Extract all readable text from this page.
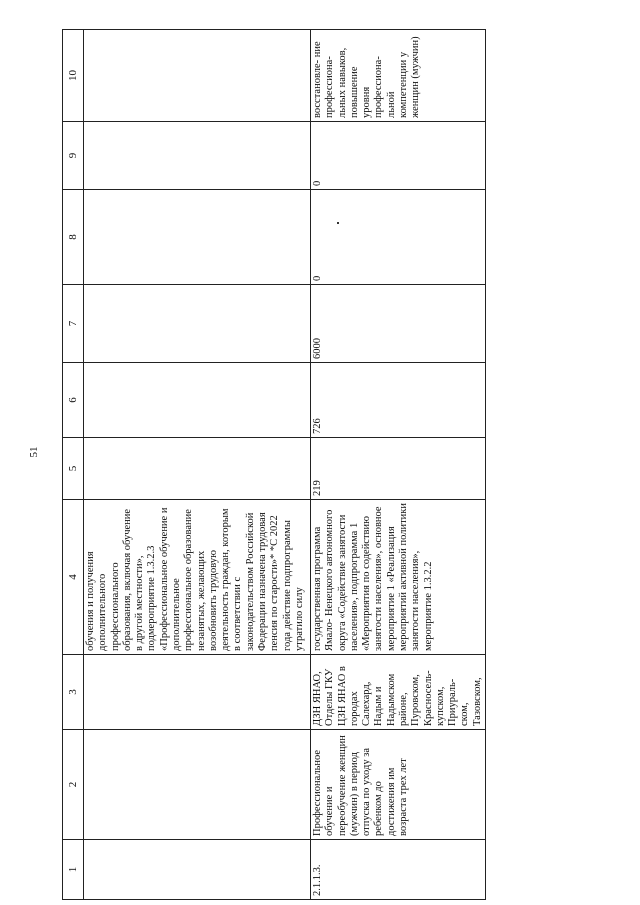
51
1	2	3	4	5	6	7	8	9	10
			обучения и получения дополнительного профессионального образования, включая обучение в другой местности», подмероприятие 1.3.2.3 «Профессиональное обучение и дополнительное профессиональное образование незанятых, желающих возобновить трудовую деятельность граждан, которым в соответствии с законодательством Российской Федерации назначена трудовая пенсия по старости»* *С 2022 года действие подпрограммы утратило силу						
2.1.1.3.	Профессиональное обучение и переобучение женщин (мужчин) в период отпуска по уходу за ребенком до достижения им возраста трех лет	ДЗН ЯНАО, Отделы ГКУ ЦЗН ЯНАО в городах Салехард, Надым и Надымском районе, Пуровском, Красносель- купском, Приураль- ском, Тазовском,	государственная программа Ямало- Ненецкого автономного округа «Содействие занятости населения», подпрограмма 1 «Мероприятия по содействию занятости населения», основное мероприятие 1 «Реализация мероприятий активной политики занятости населения», мероприятие 1.3.2.2	219	726	6000	0	0	восстановле- ние профессиона- льных навыков, повышение уровня профессиона- льной компетенции у женщин (мужчин)
